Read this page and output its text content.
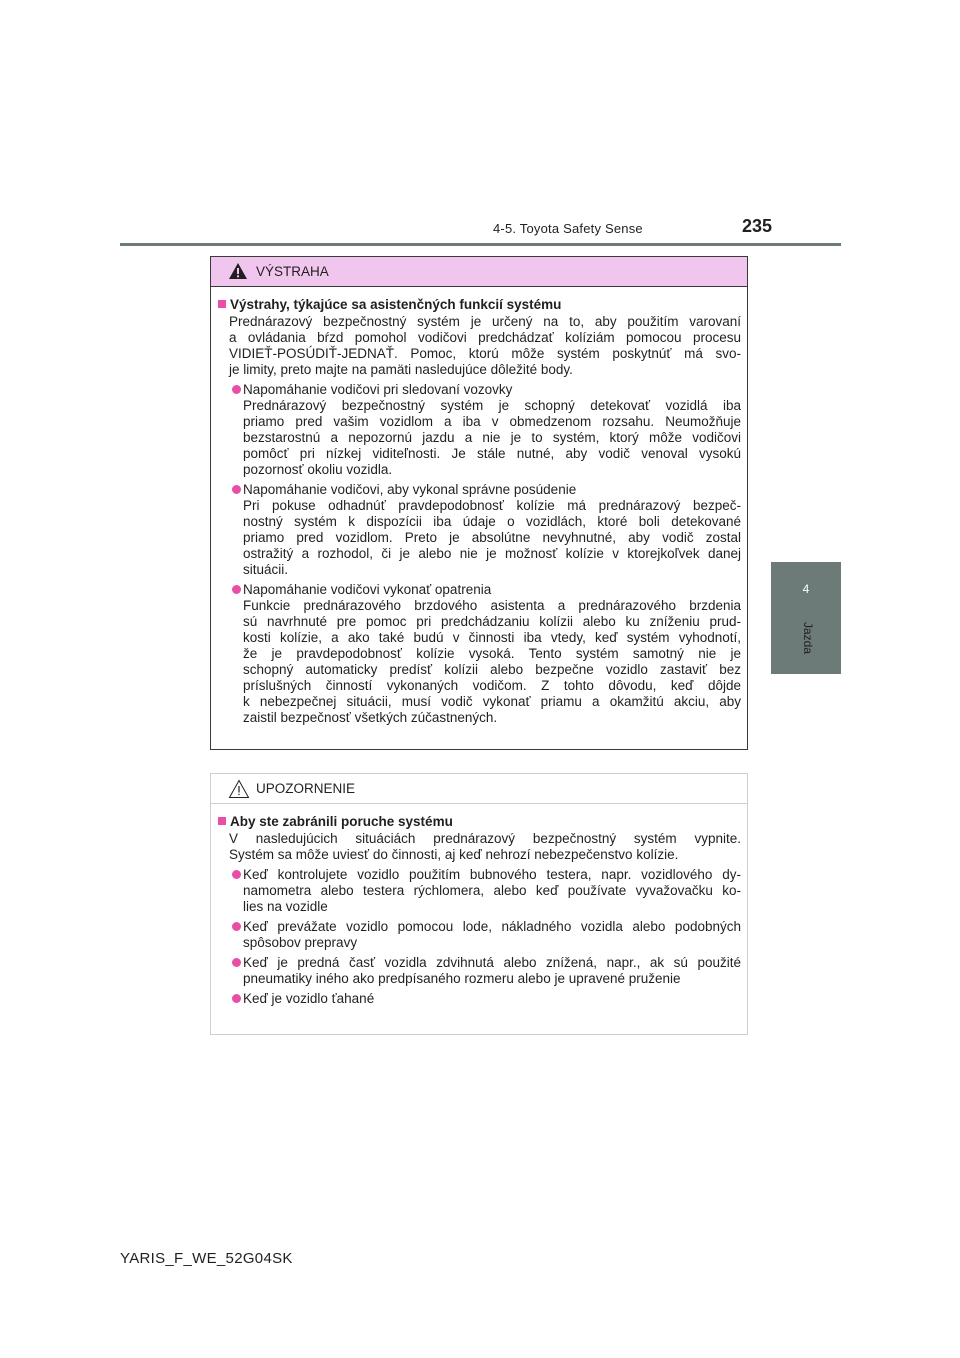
4-5. Toyota Safety Sense	235
4
Jazda
VÝSTRAHA
Výstrahy, týkajúce sa asistenčných funkcií systému
Prednárazový bezpečnostný systém je určený na to, aby použitím varovaní
a ovládania bŕzd pomohol vodičovi predchádzať kolíziám pomocou procesu
VIDIEŤ-POSÚDIŤ-JEDNAŤ. Pomoc, ktorú môže systém poskytnúť má svo-
je limity, preto majte na pamäti nasledujúce dôležité body.
Napomáhanie vodičovi pri sledovaní vozovky
Prednárazový bezpečnostný systém je schopný detekovať vozidlá iba
priamo pred vašim vozidlom a iba v obmedzenom rozsahu. Neumožňuje
bezstarostnú a nepozornú jazdu a nie je to systém, ktorý môže vodičovi
pomôcť pri nízkej viditeľnosti. Je stále nutné, aby vodič venoval vysokú
pozornosť okoliu vozidla.
Napomáhanie vodičovi, aby vykonal správne posúdenie
Pri pokuse odhadnúť pravdepodobnosť kolízie má prednárazový bezpeč-
nostný systém k dispozícii iba údaje o vozidlách, ktoré boli detekované
priamo pred vozidlom. Preto je absolútne nevyhnutné, aby vodič zostal
ostražitý a rozhodol, či je alebo nie je možnosť kolízie v ktorejkoľvek danej
situácii.
Napomáhanie vodičovi vykonať opatrenia
Funkcie prednárazového brzdového asistenta a prednárazového brzdenia
sú navrhnuté pre pomoc pri predchádzaniu kolízii alebo ku zníženiu prud-
kosti kolízie, a ako také budú v činnosti iba vtedy, keď systém vyhodnotí,
že je pravdepodobnosť kolízie vysoká. Tento systém samotný nie je
schopný automaticky predísť kolízii alebo bezpečne vozidlo zastaviť bez
príslušných činností vykonaných vodičom. Z tohto dôvodu, keď dôjde
k nebezpečnej situácii, musí vodič vykonať priamu a okamžitú akciu, aby
zaistil bezpečnosť všetkých zúčastnených.
UPOZORNENIE
Aby ste zabránili poruche systému
V nasledujúcich situáciách prednárazový bezpečnostný systém vypnite.
Systém sa môže uviesť do činnosti, aj keď nehrozí nebezpečenstvo kolízie.
Keď kontrolujete vozidlo použitím bubnového testera, napr. vozidlového dy-
namometra alebo testera rýchlomera, alebo keď používate vyvažovačku ko-
lies na vozidle
Keď prevážate vozidlo pomocou lode, nákladného vozidla alebo podobných
spôsobov prepravy
Keď je predná časť vozidla zdvihnutá alebo znížená, napr., ak sú použité
pneumatiky iného ako predpísaného rozmeru alebo je upravené pruženie
Keď je vozidlo ťahané
YARIS_F_WE_52G04SK
